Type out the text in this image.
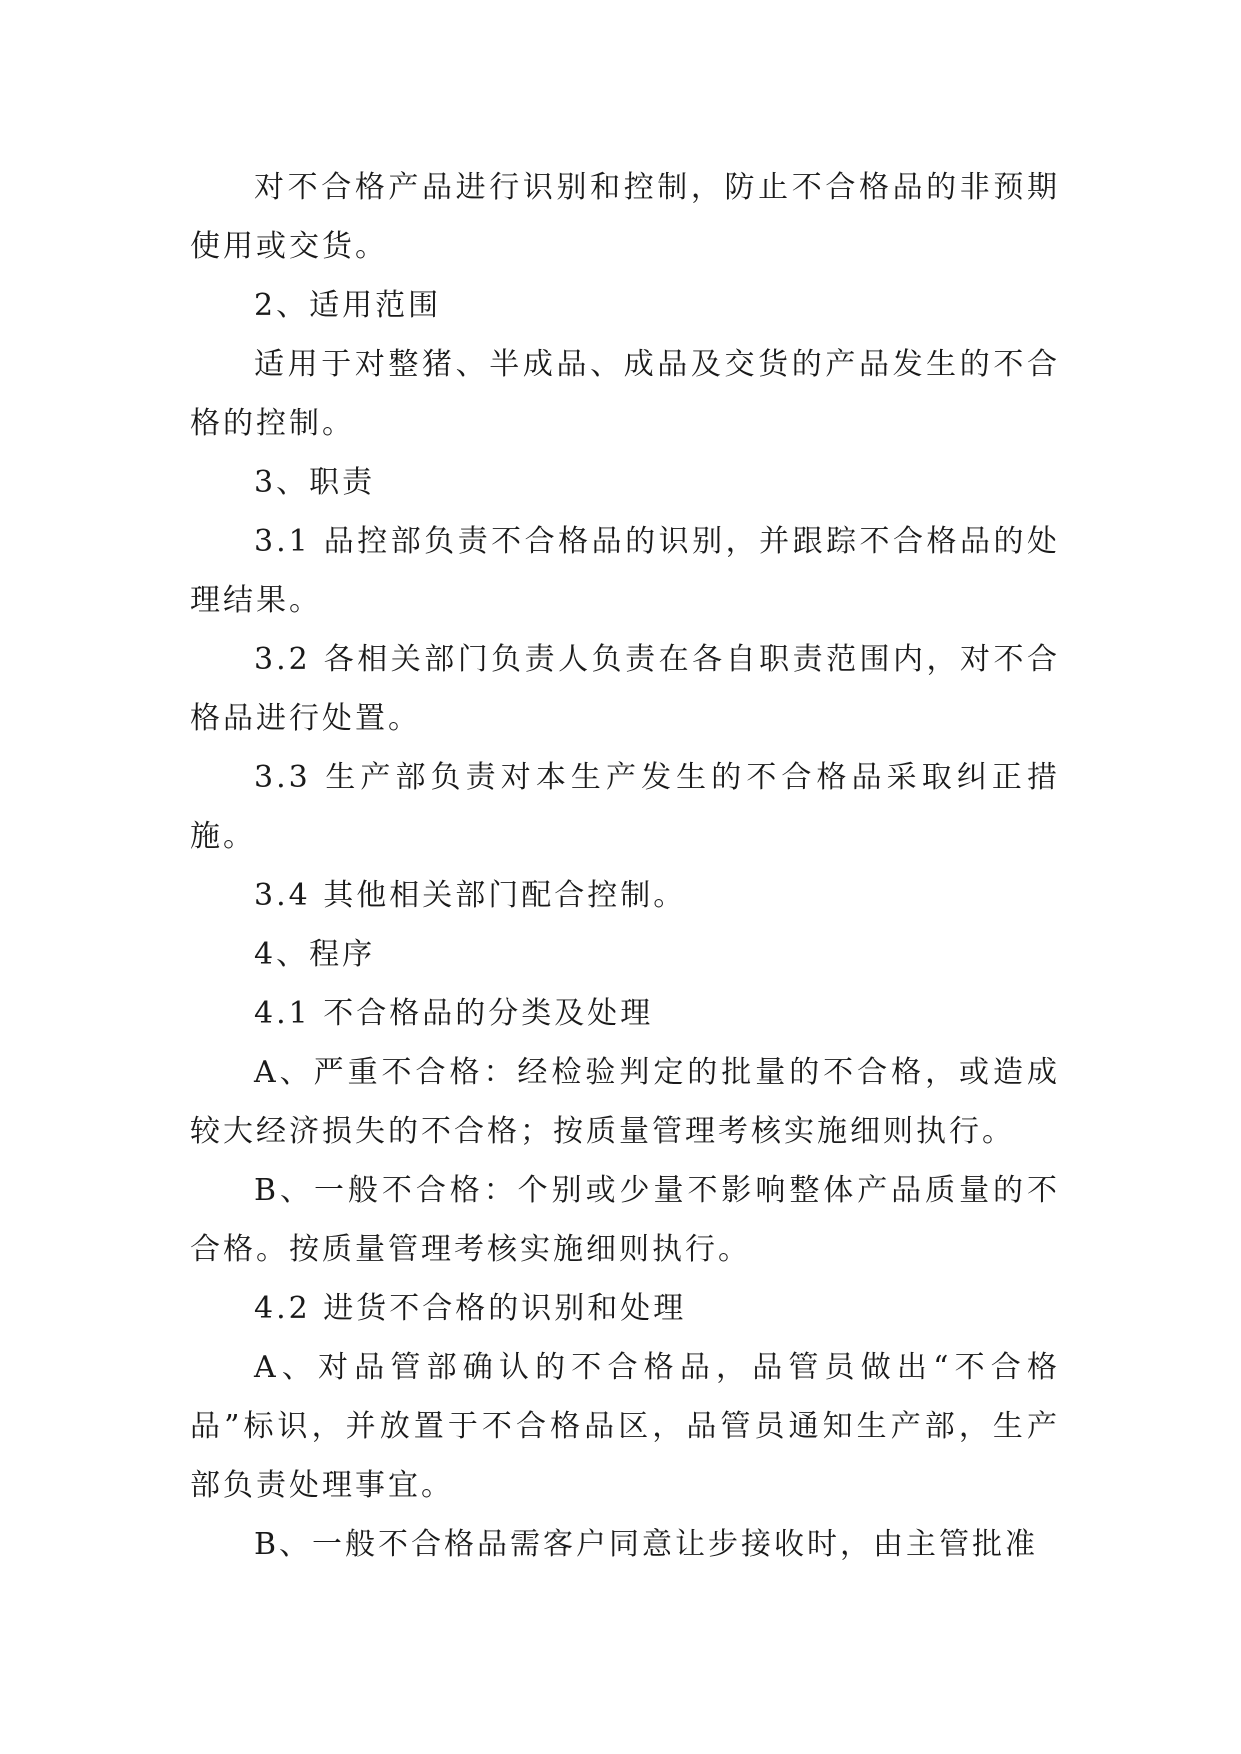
对不合格产品进行识别和控制，防止不合格品的非预期使用或交货。

2、适用范围

适用于对整猪、半成品、成品及交货的产品发生的不合格的控制。

3、职责

3.1 品控部负责不合格品的识别，并跟踪不合格品的处理结果。

3.2 各相关部门负责人负责在各自职责范围内，对不合格品进行处置。

3.3 生产部负责对本生产发生的不合格品采取纠正措施。

3.4 其他相关部门配合控制。

4、程序

4.1 不合格品的分类及处理

A、严重不合格：经检验判定的批量的不合格，或造成较大经济损失的不合格；按质量管理考核实施细则执行。

B、一般不合格：个别或少量不影响整体产品质量的不合格。按质量管理考核实施细则执行。

4.2 进货不合格的识别和处理

A、对品管部确认的不合格品，品管员做出“不合格品”标识，并放置于不合格品区，品管员通知生产部，生产部负责处理事宜。

B、一般不合格品需客户同意让步接收时，由主管批准
